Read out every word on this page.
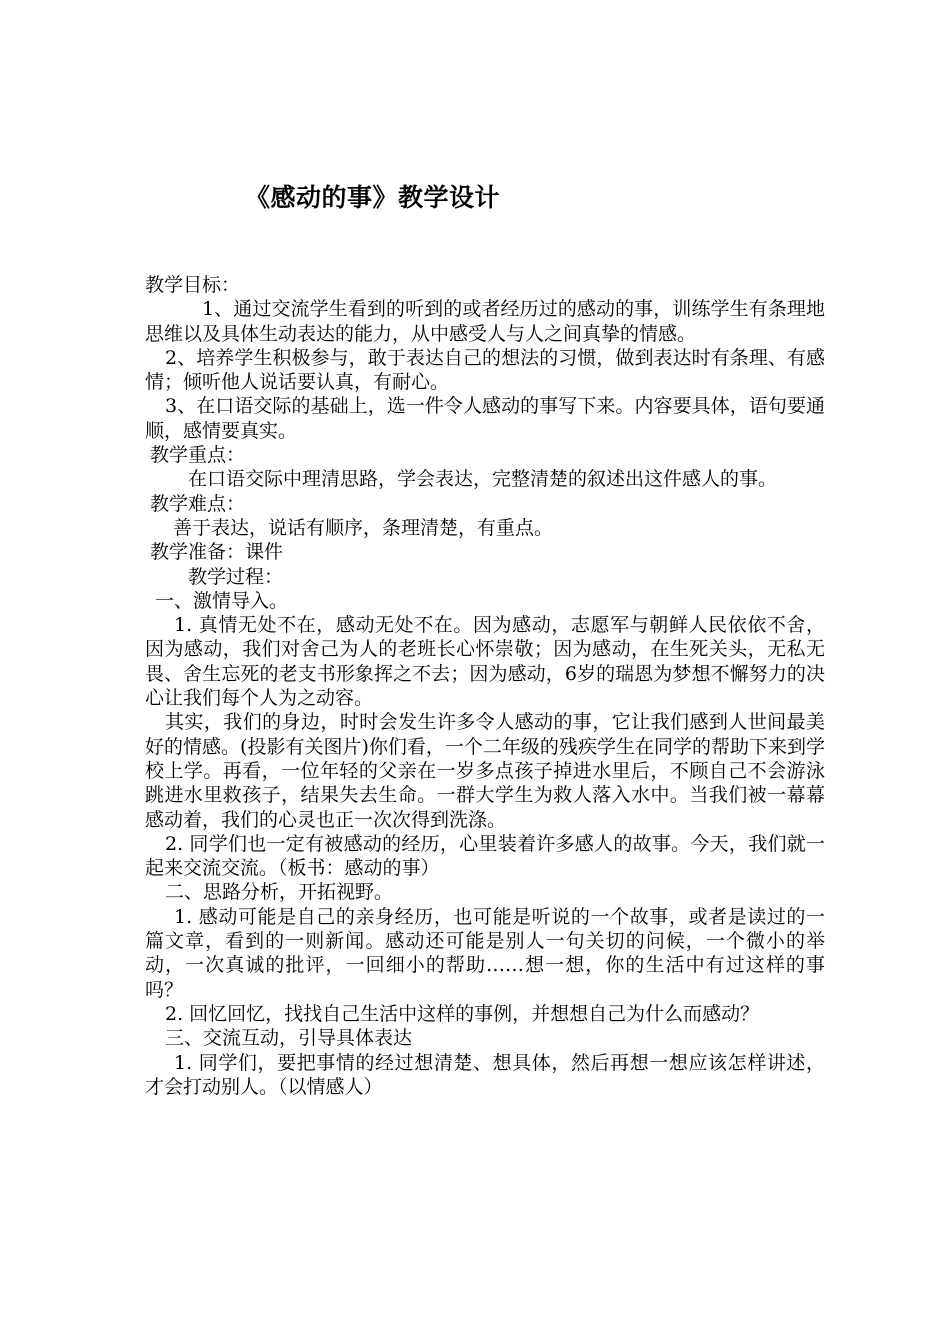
《感动的事》教学设计

教学目标：

1、通过交流学生看到的听到的或者经历过的感动的事，训练学生有条理地思维以及具体生动表达的能力，从中感受人与人之间真挚的情感。

2、培养学生积极参与，敢于表达自己的想法的习惯，做到表达时有条理、有感情；倾听他人说话要认真，有耐心。

3、在口语交际的基础上，选一件令人感动的事写下来。内容要具体，语句要通顺，感情要真实。

教学重点：

在口语交际中理清思路，学会表达，完整清楚的叙述出这件感人的事。

教学难点：

善于表达，说话有顺序，条理清楚，有重点。

教学准备：课件

教学过程：

一、激情导入。

1. 真情无处不在，感动无处不在。因为感动，志愿军与朝鲜人民依依不舍，因为感动，我们对舍己为人的老班长心怀崇敬；因为感动，在生死关头，无私无畏、舍生忘死的老支书形象挥之不去；因为感动，6岁的瑞恩为梦想不懈努力的决心让我们每个人为之动容。

其实，我们的身边，时时会发生许多令人感动的事，它让我们感到人世间最美好的情感。(投影有关图片)你们看，一个二年级的残疾学生在同学的帮助下来到学校上学。再看，一位年轻的父亲在一岁多点孩子掉进水里后，不顾自己不会游泳跳进水里救孩子，结果失去生命。一群大学生为救人落入水中。当我们被一幕幕感动着，我们的心灵也正一次次得到洗涤。

2. 同学们也一定有被感动的经历，心里装着许多感人的故事。今天，我们就一起来交流交流。（板书：感动的事）

二、思路分析，开拓视野。

1. 感动可能是自己的亲身经历，也可能是听说的一个故事，或者是读过的一篇文章，看到的一则新闻。感动还可能是别人一句关切的问候，一个微小的举动，一次真诚的批评，一回细小的帮助……想一想，你的生活中有过这样的事吗？

2. 回忆回忆，找找自己生活中这样的事例，并想想自己为什么而感动？

三、交流互动，引导具体表达

1. 同学们，要把事情的经过想清楚、想具体，然后再想一想应该怎样讲述，才会打动别人。（以情感人）
